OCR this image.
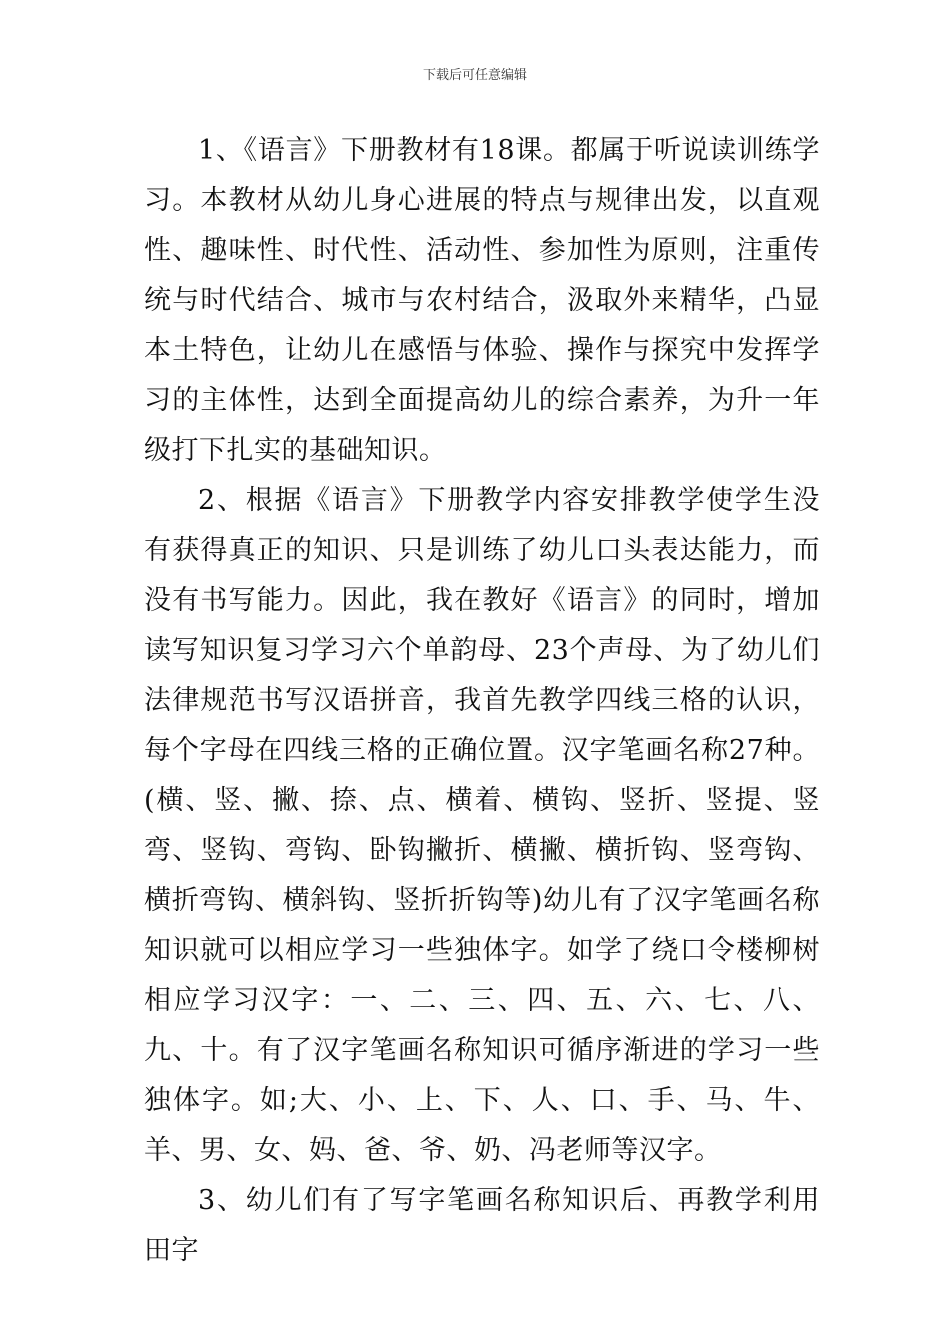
下载后可任意编辑

1、《语言》下册教材有18课。都属于听说读训练学习。本教材从幼儿身心进展的特点与规律出发，以直观性、趣味性、时代性、活动性、参加性为原则，注重传统与时代结合、城市与农村结合，汲取外来精华，凸显本土特色，让幼儿在感悟与体验、操作与探究中发挥学习的主体性，达到全面提高幼儿的综合素养，为升一年级打下扎实的基础知识。

2、根据《语言》下册教学内容安排教学使学生没有获得真正的知识、只是训练了幼儿口头表达能力，而没有书写能力。因此，我在教好《语言》的同时，增加读写知识复习学习六个单韵母、23个声母、为了幼儿们法律规范书写汉语拼音，我首先教学四线三格的认识，每个字母在四线三格的正确位置。汉字笔画名称27种。(横、竖、撇、捺、点、横着、横钩、竖折、竖提、竖弯、竖钩、弯钩、卧钩撇折、横撇、横折钩、竖弯钩、横折弯钩、横斜钩、竖折折钩等)幼儿有了汉字笔画名称知识就可以相应学习一些独体字。如学了绕口令楼柳树相应学习汉字：一、二、三、四、五、六、七、八、九、十。有了汉字笔画名称知识可循序渐进的学习一些独体字。如;大、小、上、下、人、口、手、马、牛、羊、男、女、妈、爸、爷、奶、冯老师等汉字。

3、幼儿们有了写字笔画名称知识后、再教学利用田字
